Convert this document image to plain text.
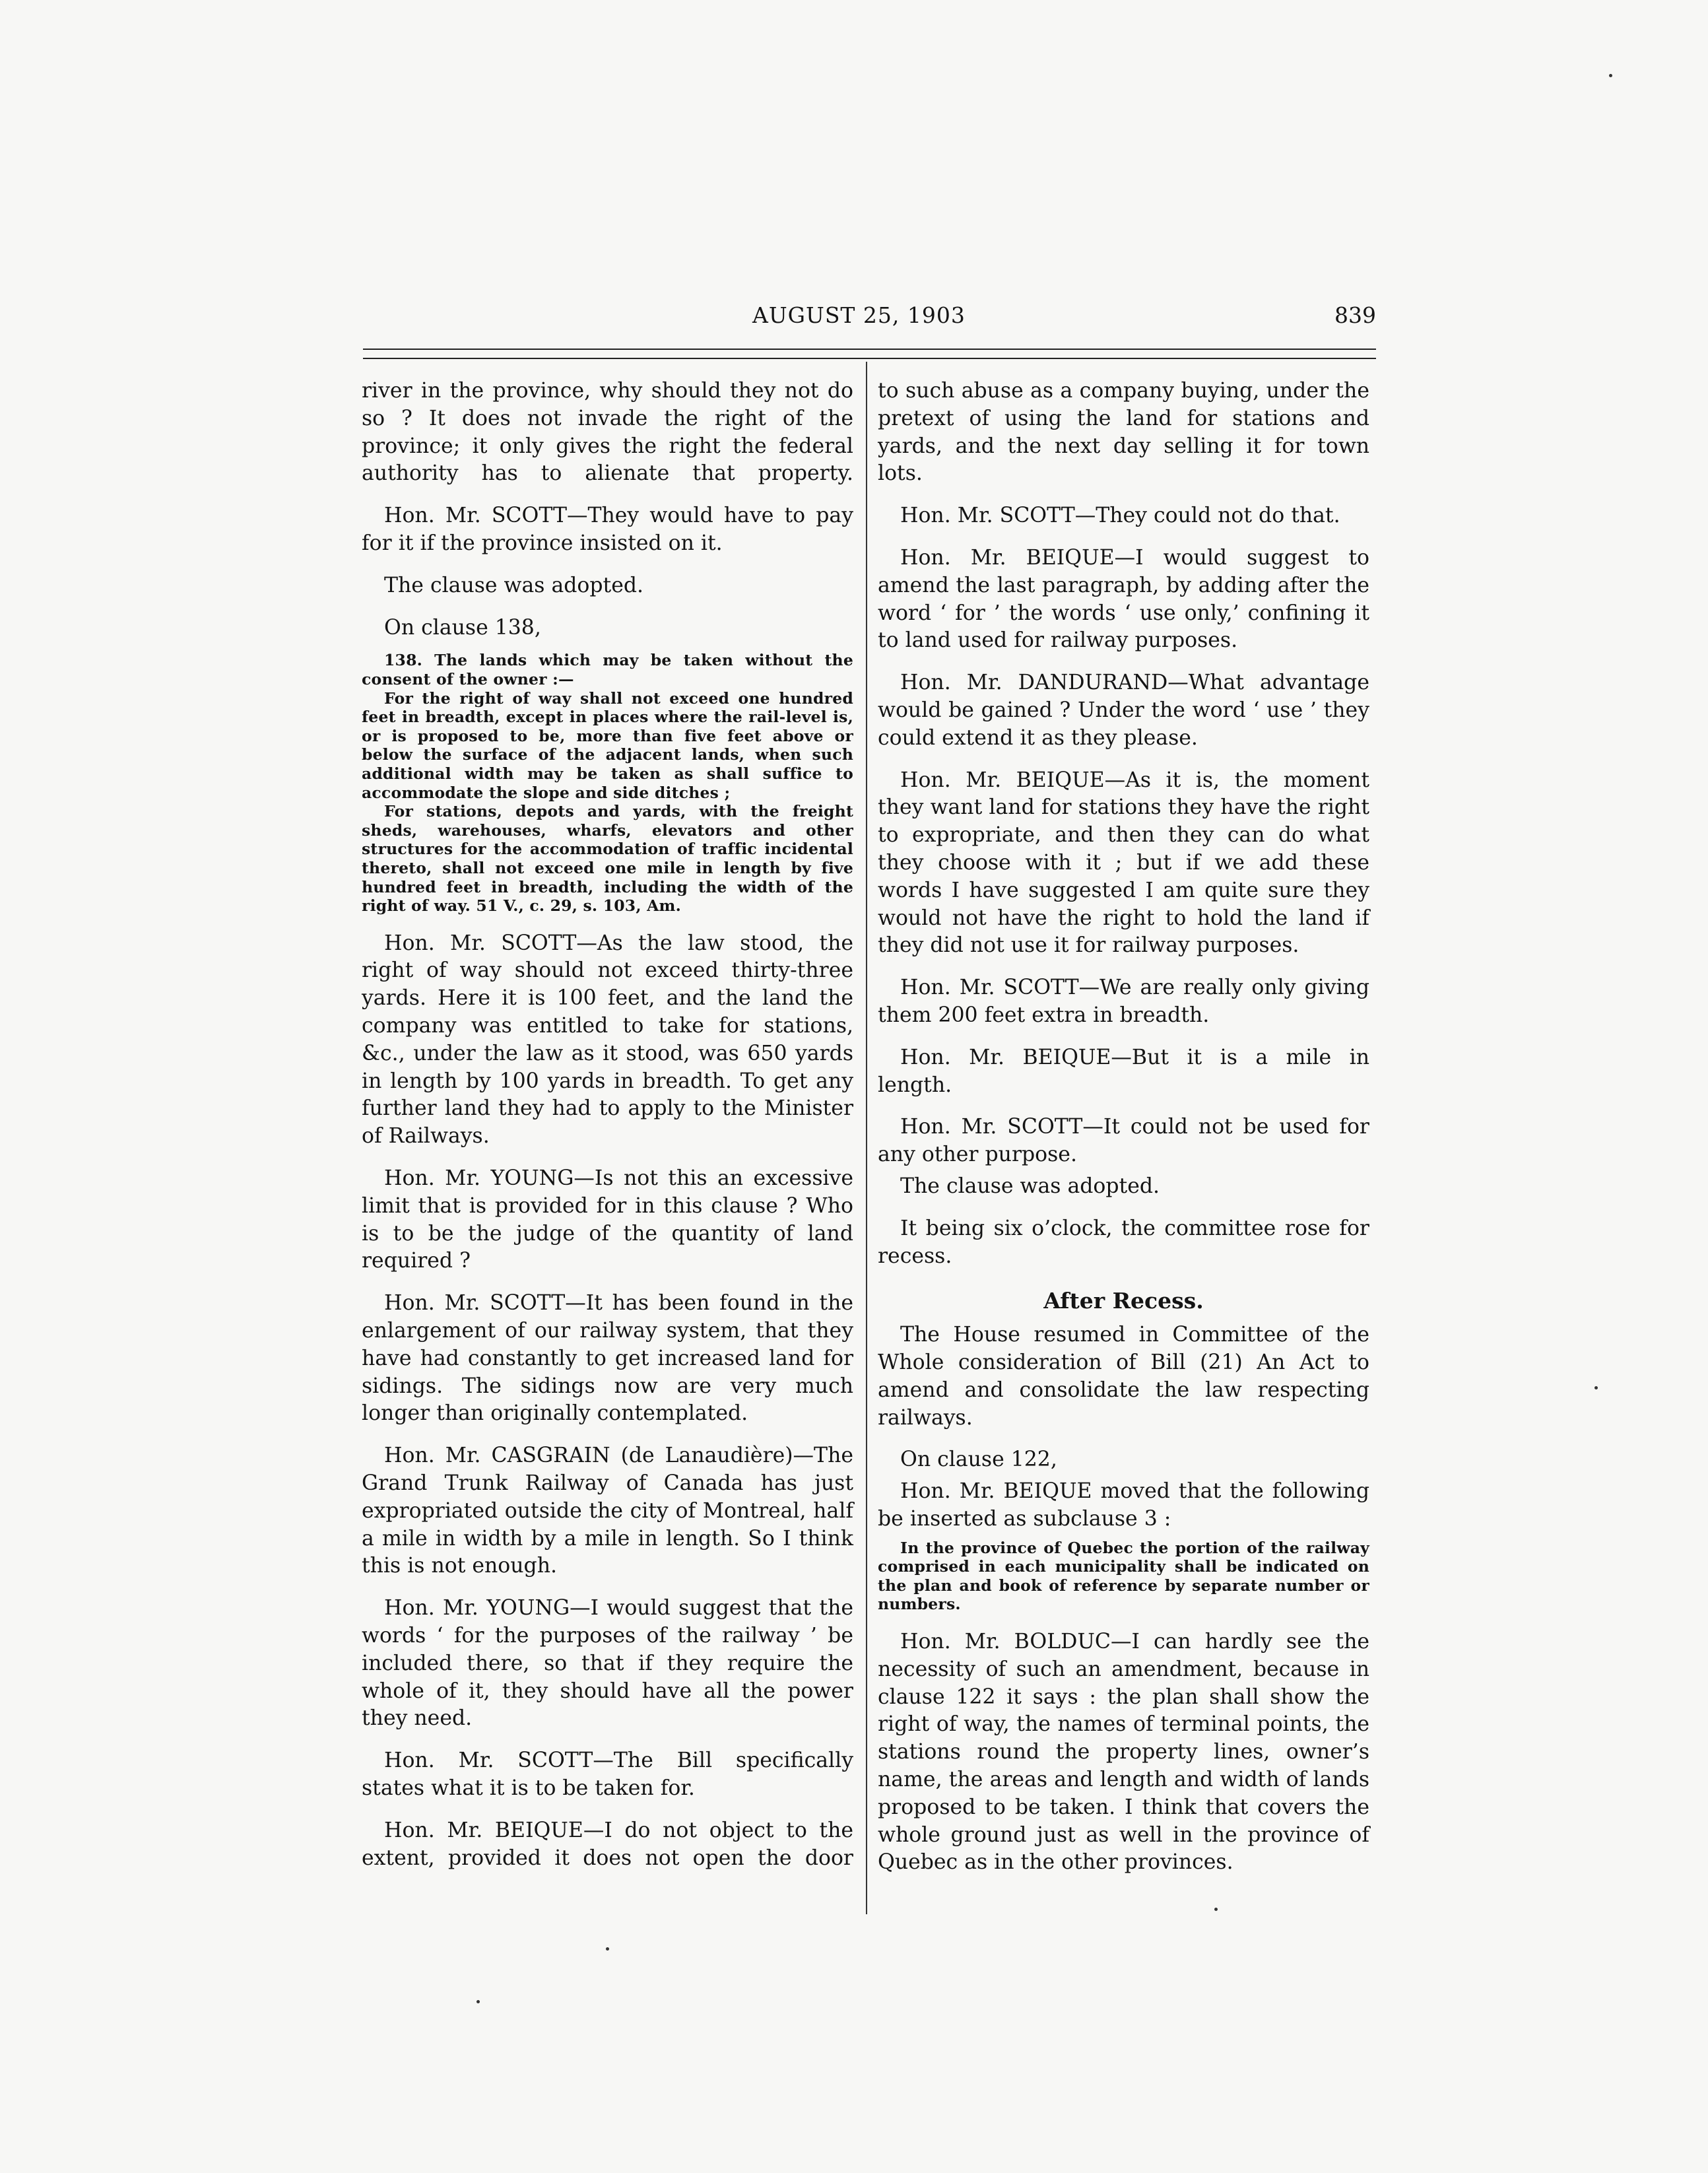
AUGUST 25, 1903	839

river in the province, why should they not do so ? It does not invade the right of the province; it only gives the right the federal authority has to alienate that property.

Hon. Mr. SCOTT—They would have to pay for it if the province insisted on it.

The clause was adopted.

On clause 138,

138. The lands which may be taken without the consent of the owner :—

For the right of way shall not exceed one hundred feet in breadth, except in places where the rail-level is, or is proposed to be, more than five feet above or below the surface of the adjacent lands, when such additional width may be taken as shall suffice to accommodate the slope and side ditches ;

For stations, depots and yards, with the freight sheds, warehouses, wharfs, elevators and other structures for the accommodation of traffic incidental thereto, shall not exceed one mile in length by five hundred feet in breadth, including the width of the right of way. 51 V., c. 29, s. 103, Am.

Hon. Mr. SCOTT—As the law stood, the right of way should not exceed thirty-three yards. Here it is 100 feet, and the land the company was entitled to take for stations, &c., under the law as it stood, was 650 yards in length by 100 yards in breadth. To get any further land they had to apply to the Minister of Railways.

Hon. Mr. YOUNG—Is not this an excessive limit that is provided for in this clause ? Who is to be the judge of the quantity of land required ?

Hon. Mr. SCOTT—It has been found in the enlargement of our railway system, that they have had constantly to get increased land for sidings. The sidings now are very much longer than originally contemplated.

Hon. Mr. CASGRAIN (de Lanaudière)—The Grand Trunk Railway of Canada has just expropriated outside the city of Montreal, half a mile in width by a mile in length. So I think this is not enough.

Hon. Mr. YOUNG—I would suggest that the words ‘ for the purposes of the railway ’ be included there, so that if they require the whole of it, they should have all the power they need.

Hon. Mr. SCOTT—The Bill specifically states what it is to be taken for.

Hon. Mr. BEIQUE—I do not object to the extent, provided it does not open the door

to such abuse as a company buying, under the pretext of using the land for stations and yards, and the next day selling it for town lots.

Hon. Mr. SCOTT—They could not do that.

Hon. Mr. BEIQUE—I would suggest to amend the last paragraph, by adding after the word ‘ for ’ the words ‘ use only,’ confining it to land used for railway purposes.

Hon. Mr. DANDURAND—What advantage would be gained ? Under the word ‘ use ’ they could extend it as they please.

Hon. Mr. BEIQUE—As it is, the moment they want land for stations they have the right to expropriate, and then they can do what they choose with it ; but if we add these words I have suggested I am quite sure they would not have the right to hold the land if they did not use it for railway purposes.

Hon. Mr. SCOTT—We are really only giving them 200 feet extra in breadth.

Hon. Mr. BEIQUE—But it is a mile in length.

Hon. Mr. SCOTT—It could not be used for any other purpose.

The clause was adopted.

It being six o’clock, the committee rose for recess.

After Recess.

The House resumed in Committee of the Whole consideration of Bill (21) An Act to amend and consolidate the law respecting railways.

On clause 122,

Hon. Mr. BEIQUE moved that the following be inserted as subclause 3 :

In the province of Quebec the portion of the railway comprised in each municipality shall be indicated on the plan and book of reference by separate number or numbers.

Hon. Mr. BOLDUC—I can hardly see the necessity of such an amendment, because in clause 122 it says : the plan shall show the right of way, the names of terminal points, the stations round the property lines, owner’s name, the areas and length and width of lands proposed to be taken. I think that covers the whole ground just as well in the province of Quebec as in the other provinces.
